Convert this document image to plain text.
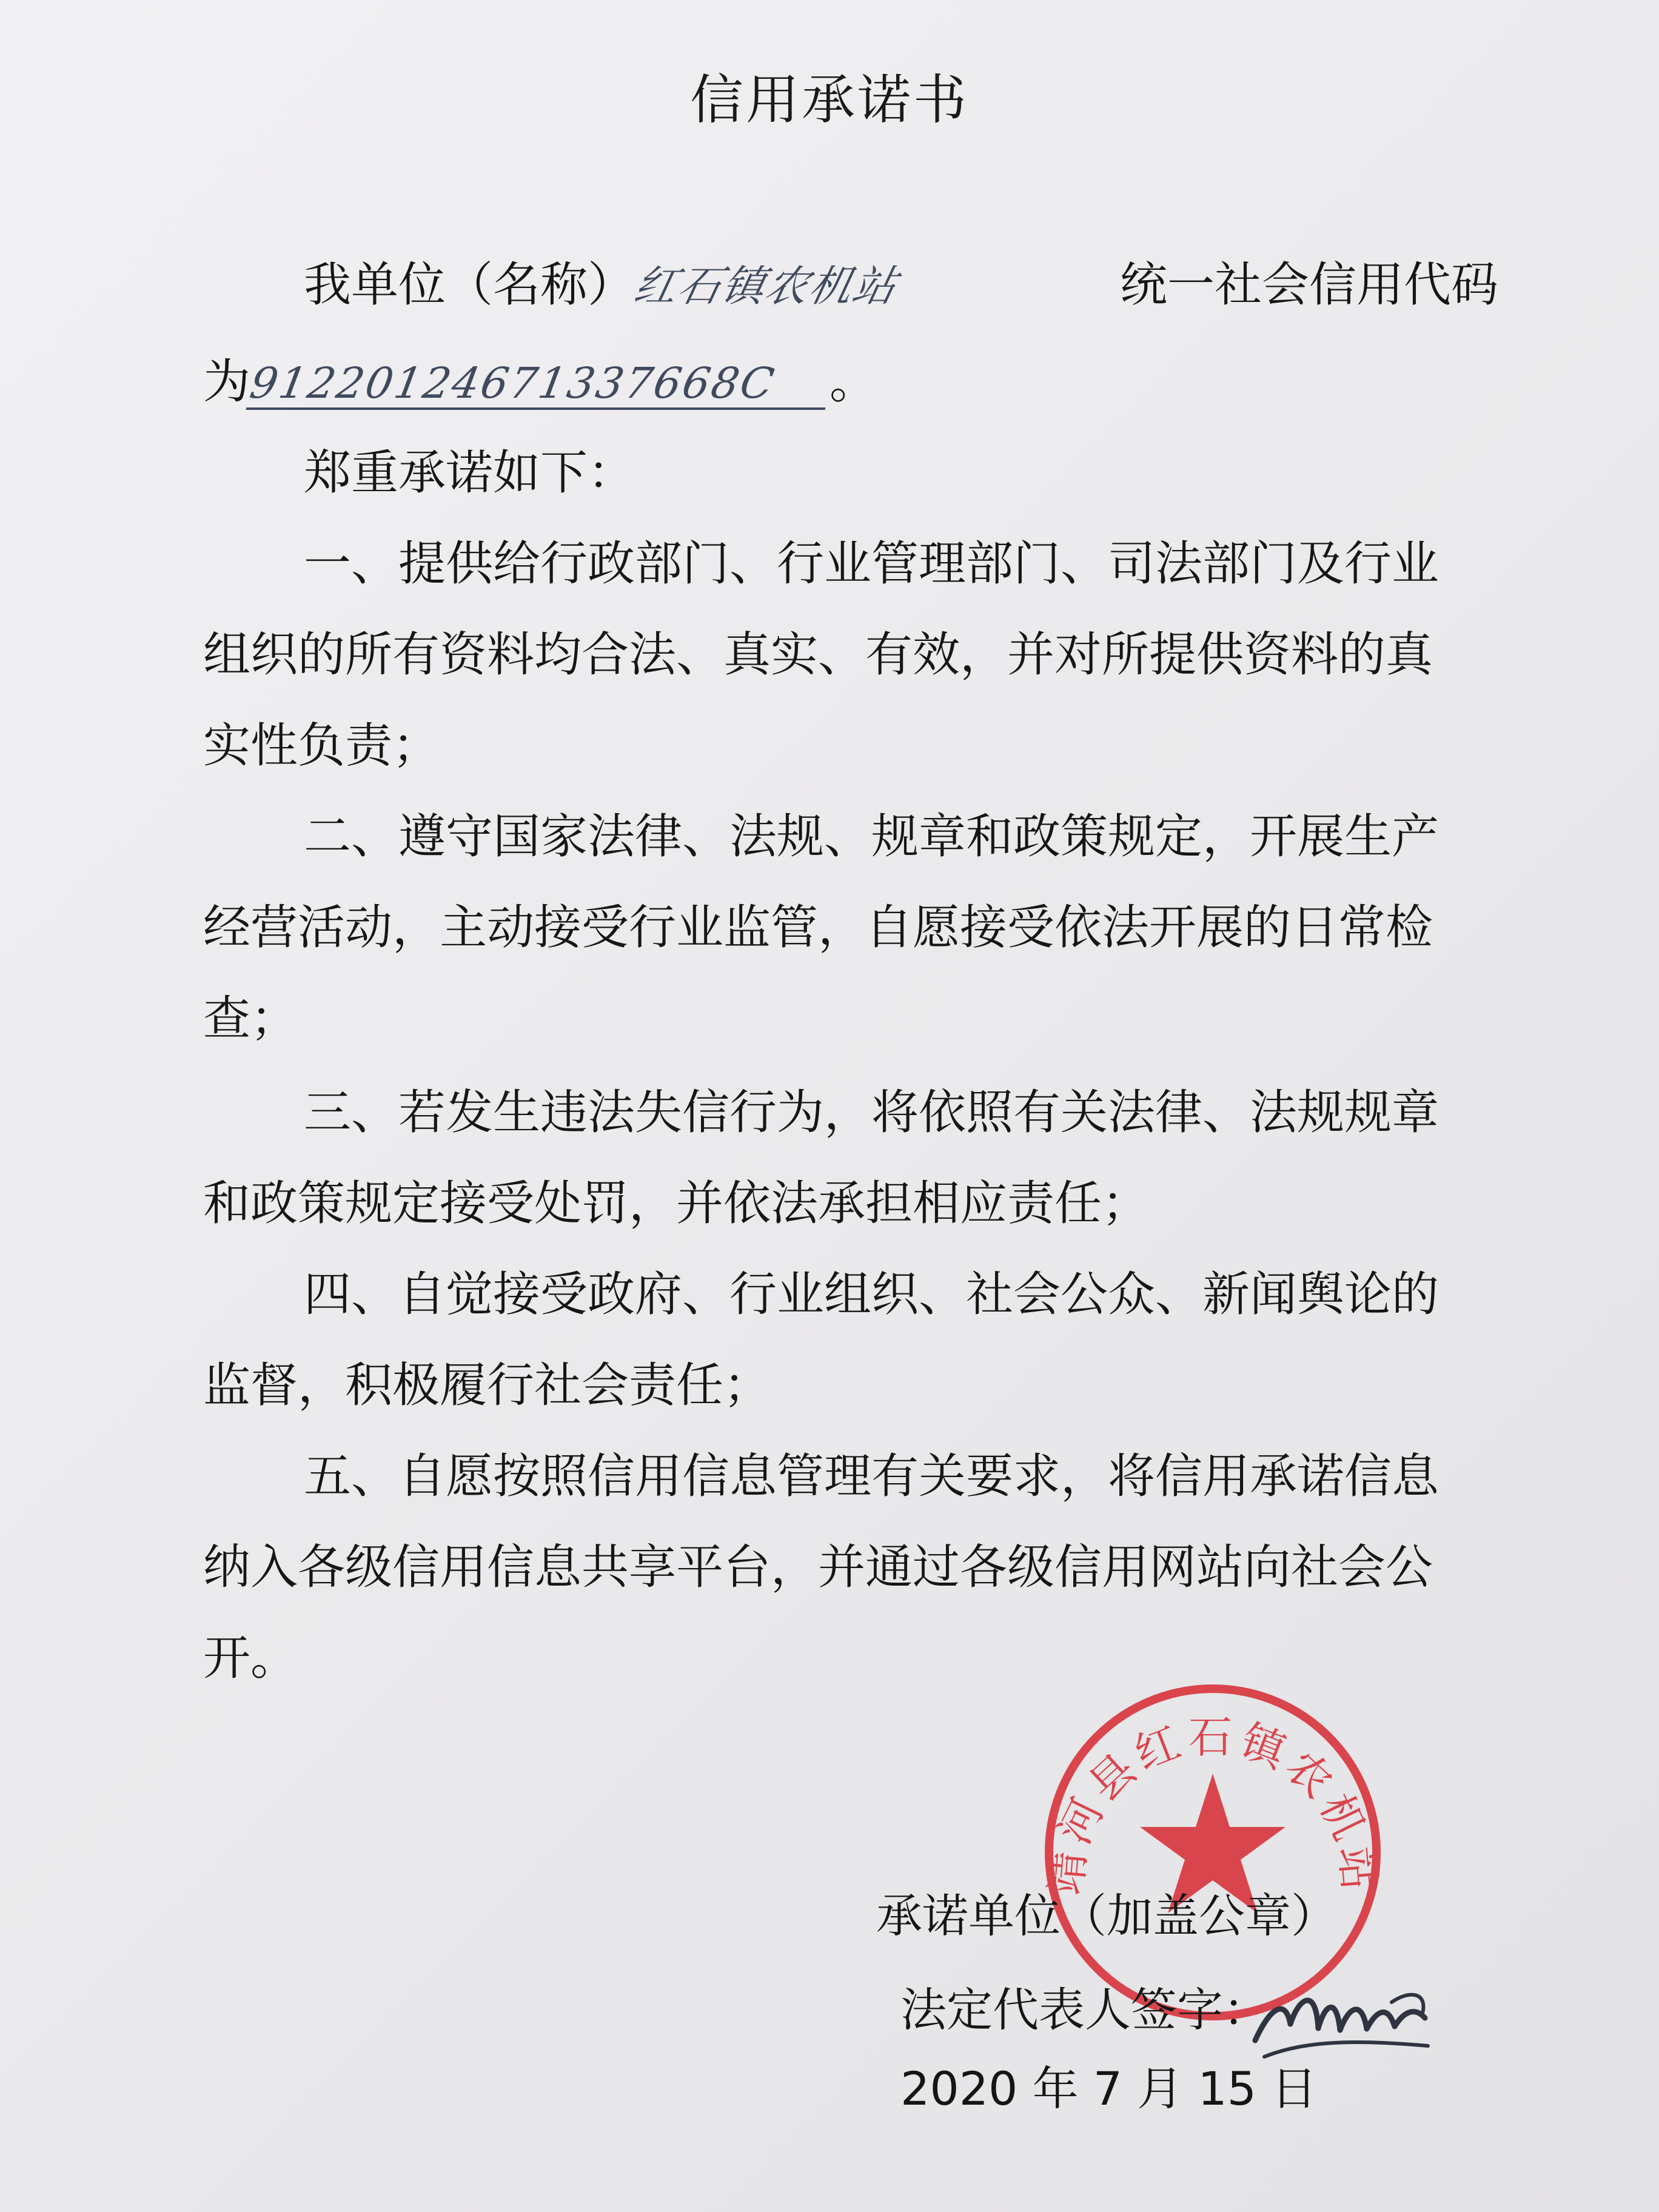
信用承诺书
我单位（名称）红石镇农机站	统一社会信用代码
为91220124671337668C 。
郑重承诺如下：
一、提供给行政部门、行业管理部门、司法部门及行业
组织的所有资料均合法、真实、有效，并对所提供资料的真
实性负责；
二、遵守国家法律、法规、规章和政策规定，开展生产
经营活动，主动接受行业监管，自愿接受依法开展的日常检
查；
三、若发生违法失信行为，将依照有关法律、法规规章
和政策规定接受处罚，并依法承担相应责任；
四、自觉接受政府、行业组织、社会公众、新闻舆论的
监督，积极履行社会责任；
五、自愿按照信用信息管理有关要求，将信用承诺信息
纳入各级信用信息共享平台，并通过各级信用网站向社会公
开。
靖河县红石镇农机站
承诺单位（加盖公章）
法定代表人签字：
2020 年 7 月 15 日
